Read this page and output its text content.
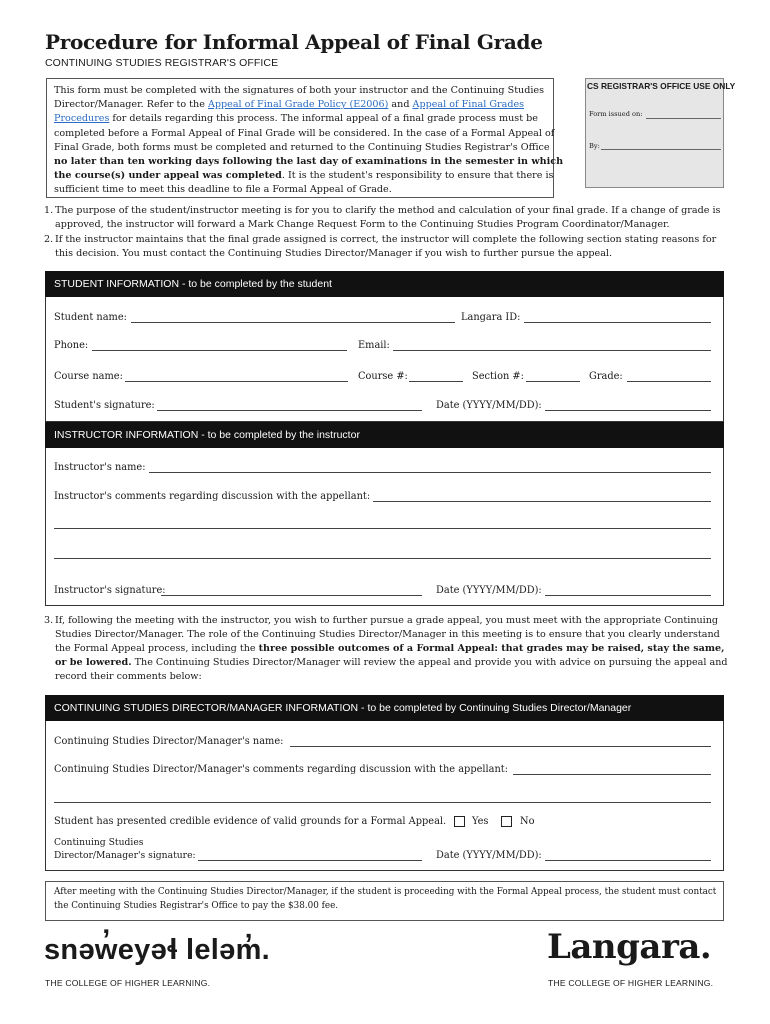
Procedure for Informal Appeal of Final Grade
CONTINUING STUDIES REGISTRAR'S OFFICE
This form must be completed with the signatures of both your instructor and the Continuing Studies Director/Manager. Refer to the Appeal of Final Grade Policy (E2006) and Appeal of Final Grades Procedures for details regarding this process. The informal appeal of a final grade process must be completed before a Formal Appeal of Final Grade will be considered. In the case of a Formal Appeal of Final Grade, both forms must be completed and returned to the Continuing Studies Registrar's Office no later than ten working days following the last day of examinations in the semester in which the course(s) under appeal was completed. It is the student's responsibility to ensure that there is sufficient time to meet this deadline to file a Formal Appeal of Grade.
CS REGISTRAR'S OFFICE USE ONLY
Form issued on:
By:
1. The purpose of the student/instructor meeting is for you to clarify the method and calculation of your final grade. If a change of grade is approved, the instructor will forward a Mark Change Request Form to the Continuing Studies Program Coordinator/Manager.
2. If the instructor maintains that the final grade assigned is correct, the instructor will complete the following section stating reasons for this decision. You must contact the Continuing Studies Director/Manager if you wish to further pursue the appeal.
STUDENT INFORMATION - to be completed by the student
Student name:	Langara ID:
Phone:	Email:
Course name:	Course #:	Section #:	Grade:
Student's signature:	Date (YYYY/MM/DD):
INSTRUCTOR INFORMATION - to be completed by the instructor
Instructor's name:
Instructor's comments regarding discussion with the appellant:
Instructor's signature:	Date (YYYY/MM/DD):
3. If, following the meeting with the instructor, you wish to further pursue a grade appeal, you must meet with the appropriate Continuing Studies Director/Manager. The role of the Continuing Studies Director/Manager in this meeting is to ensure that you clearly understand the Formal Appeal process, including the three possible outcomes of a Formal Appeal: that grades may be raised, stay the same, or be lowered. The Continuing Studies Director/Manager will review the appeal and provide you with advice on pursuing the appeal and record their comments below:
CONTINUING STUDIES DIRECTOR/MANAGER INFORMATION - to be completed by Continuing Studies Director/Manager
Continuing Studies Director/Manager's name:
Continuing Studies Director/Manager's comments regarding discussion with the appellant:
Student has presented credible evidence of valid grounds for a Formal Appeal.	Yes	No
Continuing Studies
Director/Manager's signature:	Date (YYYY/MM/DD):
After meeting with the Continuing Studies Director/Manager, if the student is proceeding with the Formal Appeal process, the student must contact the Continuing Studies Registrar's Office to pay the $38.00 fee.
snəw̓eyəɬ leləm̓.
THE COLLEGE OF HIGHER LEARNING.
Langara.
THE COLLEGE OF HIGHER LEARNING.
